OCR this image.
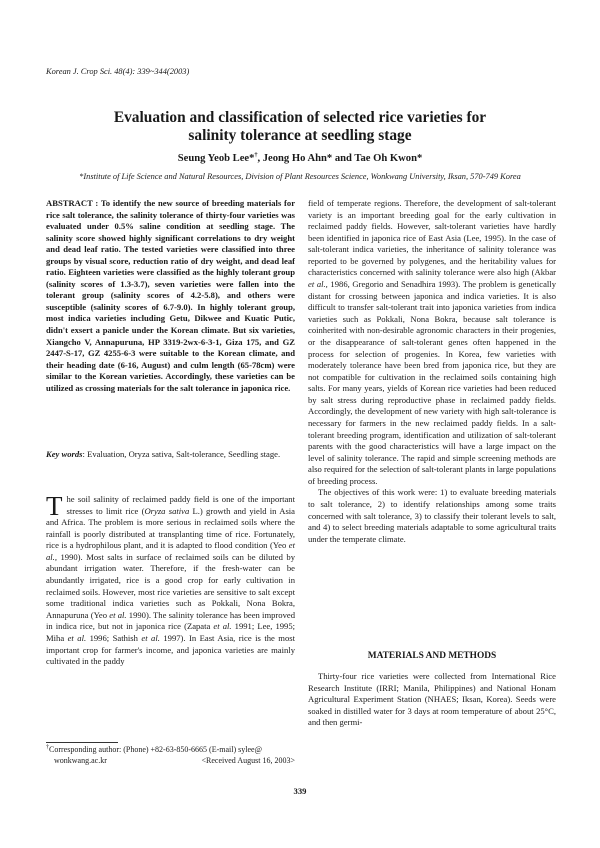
Korean J. Crop Sci. 48(4): 339~344(2003)
Evaluation and classification of selected rice varieties for
salinity tolerance at seedling stage
Seung Yeob Lee*†, Jeong Ho Ahn* and Tae Oh Kwon*
*Institute of Life Science and Natural Resources, Division of Plant Resources Science, Wonkwang University, Iksan, 570-749 Korea
ABSTRACT : To identify the new source of breeding materials for rice salt tolerance, the salinity tolerance of thirty-four varieties was evaluated under 0.5% saline condition at seedling stage. The salinity score showed highly significant correlations to dry weight and dead leaf ratio. The tested varieties were classified into three groups by visual score, reduction ratio of dry weight, and dead leaf ratio. Eighteen varieties were classified as the highly tolerant group (salinity scores of 1.3-3.7), seven varieties were fallen into the tolerant group (salinity scores of 4.2-5.8), and others were susceptible (salinity scores of 6.7-9.0). In highly tolerant group, most indica varieties including Getu, Dikwee and Kuatic Putic, didn't exsert a panicle under the Korean climate. But six varieties, Xiangcho V, Annapuruna, HP 3319-2wx-6-3-1, Giza 175, and GZ 2447-S-17, GZ 4255-6-3 were suitable to the Korean climate, and their heading date (6-16, August) and culm length (65-78cm) were similar to the Korean varieties. Accordingly, these varieties can be utilized as crossing materials for the salt tolerance in japonica rice.
Key words: Evaluation, Oryza sativa, Salt-tolerance, Seedling stage.
The soil salinity of reclaimed paddy field is one of the important stresses to limit rice (Oryza sativa L.) growth and yield in Asia and Africa. The problem is more serious in reclaimed soils where the rainfall is poorly distributed at transplanting time of rice. Fortunately, rice is a hydrophilous plant, and it is adapted to flood condition (Yeo et al., 1990). Most salts in surface of reclaimed soils can be diluted by abundant irrigation water. Therefore, if the fresh-water can be abundantly irrigated, rice is a good crop for early cultivation in reclaimed soils. However, most rice varieties are sensitive to salt except some traditional indica varieties such as Pokkali, Nona Bokra, Annapuruna (Yeo et al. 1990). The salinity tolerance has been improved in indica rice, but not in japonica rice (Zapata et al. 1991; Lee, 1995; Miha et al. 1996; Sathish et al. 1997). In East Asia, rice is the most important crop for farmer's income, and japonica varieties are mainly cultivated in the paddy
†Corresponding author: (Phone) +82-63-850-6665 (E-mail) sylee@
wonkwang.ac.kr	<Received August 16, 2003>

field of temperate regions. Therefore, the development of salt-tolerant variety is an important breeding goal for the early cultivation in reclaimed paddy fields. However, salt-tolerant varieties have hardly been identified in japonica rice of East Asia (Lee, 1995). In the case of salt-tolerant indica varieties, the inheritance of salinity tolerance was reported to be governed by polygenes, and the heritability values for characteristics concerned with salinity tolerance were also high (Akbar et al., 1986, Gregorio and Senadhira 1993). The problem is genetically distant for crossing between japonica and indica varieties. It is also difficult to transfer salt-tolerant trait into japonica varieties from indica varieties such as Pokkali, Nona Bokra, because salt tolerance is coinherited with non-desirable agronomic characters in their progenies, or the disappearance of salt-tolerant genes often happened in the process for selection of progenies. In Korea, few varieties with moderately tolerance have been bred from japonica rice, but they are not compatible for cultivation in the reclaimed soils containing high salts. For many years, yields of Korean rice varieties had been reduced by salt stress during reproductive phase in reclaimed paddy fields. Accordingly, the development of new variety with high salt-tolerance is necessary for farmers in the new reclaimed paddy fields. In a salt-tolerant breeding program, identification and utilization of salt-tolerant parents with the good characteristics will have a large impact on the level of salinity tolerance. The rapid and simple screening methods are also required for the selection of salt-tolerant plants in large populations of breeding process.

The objectives of this work were: 1) to evaluate breeding materials to salt tolerance, 2) to identify relationships among some traits concerned with salt tolerance, 3) to classify their tolerant levels to salt, and 4) to select breeding materials adaptable to some agricultural traits under the temperate climate.

MATERIALS AND METHODS
Thirty-four rice varieties were collected from International Rice Research Institute (IRRI; Manila, Philippines) and National Honam Agricultural Experiment Station (NHAES; Iksan, Korea). Seeds were soaked in distilled water for 3 days at room temperature of about 25°C, and then germi-
339
